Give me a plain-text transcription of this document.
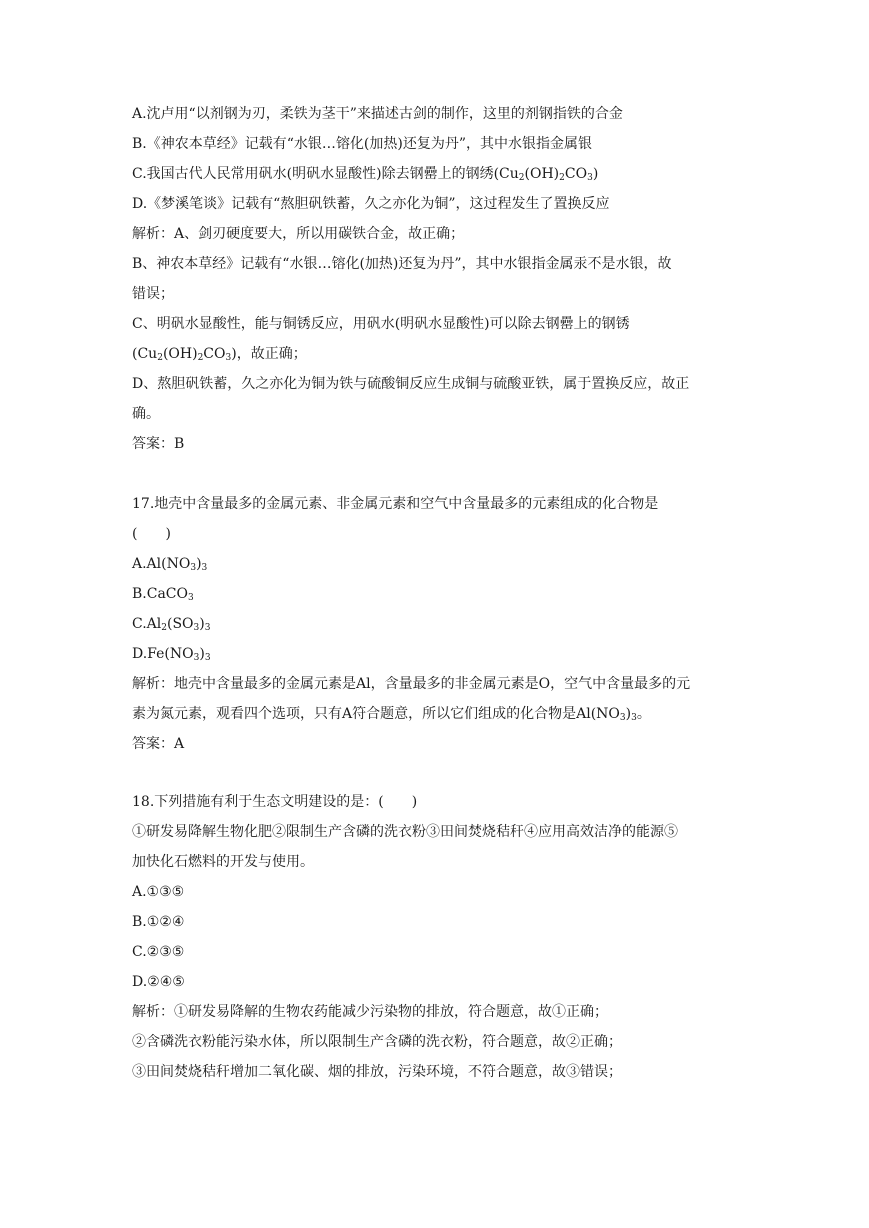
A.沈卢用“以剂钢为刃，柔铁为茎干”来描述古剑的制作，这里的剂钢指铁的合金
B.《神农本草经》记载有“水银…镕化(加热)还复为丹”，其中水银指金属银
C.我国古代人民常用矾水(明矾水显酸性)除去钢罍上的钢绣$(Cu_2(OH)_2CO_3)$
D.《梦溪笔谈》记载有“熬胆矾铁蓄，久之亦化为铜”，这过程发生了置换反应
解析：A、剑刃硬度要大，所以用碳铁合金，故正确；
B、神农本草经》记载有“水银…镕化(加热)还复为丹”，其中水银指金属汞不是水银，故
错误；
C、明矾水显酸性，能与铜锈反应，用矾水(明矾水显酸性)可以除去钢罍上的钢锈
$(Cu_2(OH)_2CO_3)$，故正确；
D、熬胆矾铁蓄，久之亦化为铜为铁与硫酸铜反应生成铜与硫酸亚铁，属于置换反应，故正
确。
答案：B
17.地壳中含量最多的金属元素、非金属元素和空气中含量最多的元素组成的化合物是
(　　)
$A.Al(NO_3)_3$
B.CaCO$_3$
$C.Al_2(SO_3)_3$
$D.Fe(NO_3)_3$
解析：地壳中含量最多的金属元素是Al，含量最多的非金属元素是O，空气中含量最多的元
素为氮元素，观看四个选项，只有A符合题意，所以它们组成的化合物是$Al(NO_3)_3$。
答案：A
18.下列措施有利于生态文明建设的是：(　　)
①研发易降解生物化肥②限制生产含磷的洗衣粉③田间焚烧秸秆④应用高效洁净的能源⑤
加快化石燃料的开发与使用。
A.①③⑤
B.①②④
C.②③⑤
D.②④⑤
解析：①研发易降解的生物农药能减少污染物的排放，符合题意，故①正确；
②含磷洗衣粉能污染水体，所以限制生产含磷的洗衣粉，符合题意，故②正确；
③田间焚烧秸秆增加二氧化碳、烟的排放，污染环境，不符合题意，故③错误；
